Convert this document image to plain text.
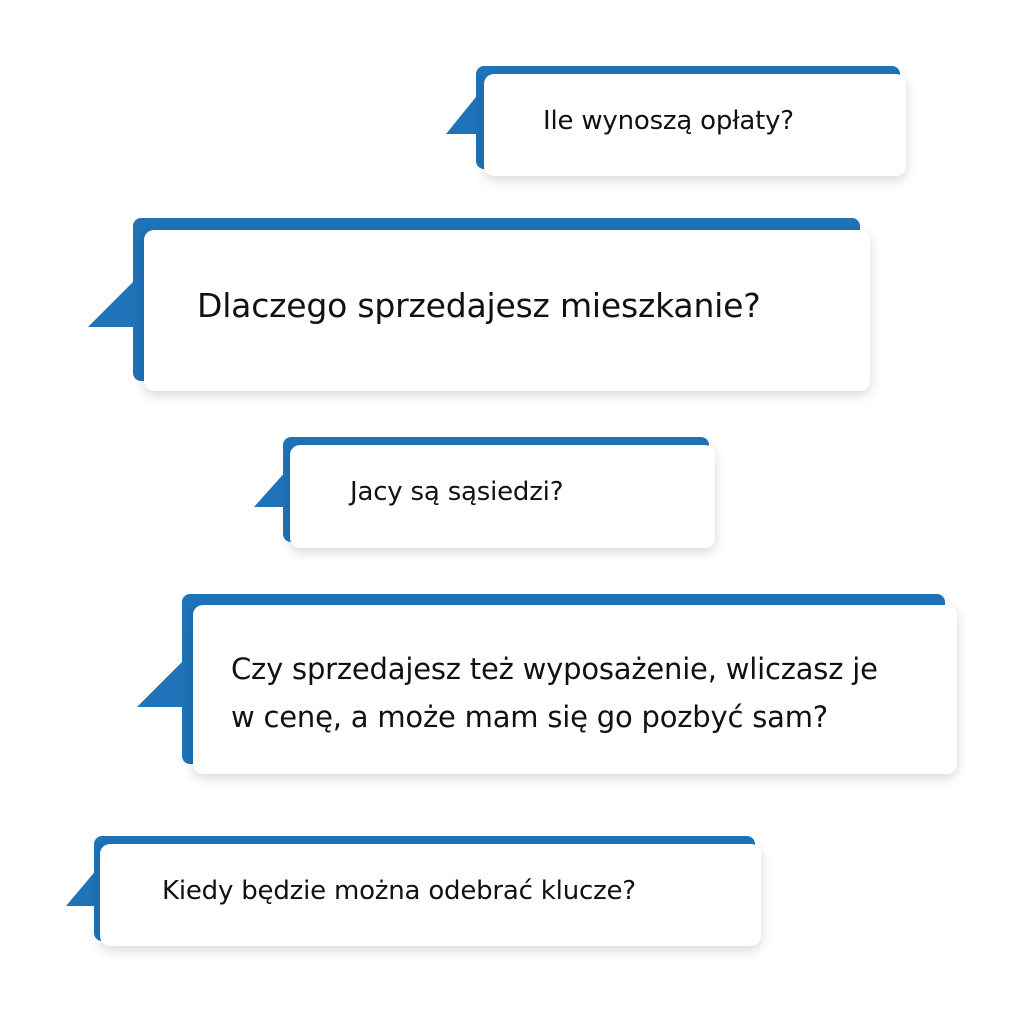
Ile wynoszą opłaty?
Dlaczego sprzedajesz mieszkanie?
Jacy są sąsiedzi?
Czy sprzedajesz też wyposażenie, wliczasz je
w cenę, a może mam się go pozbyć sam?
Kiedy będzie można odebrać klucze?
